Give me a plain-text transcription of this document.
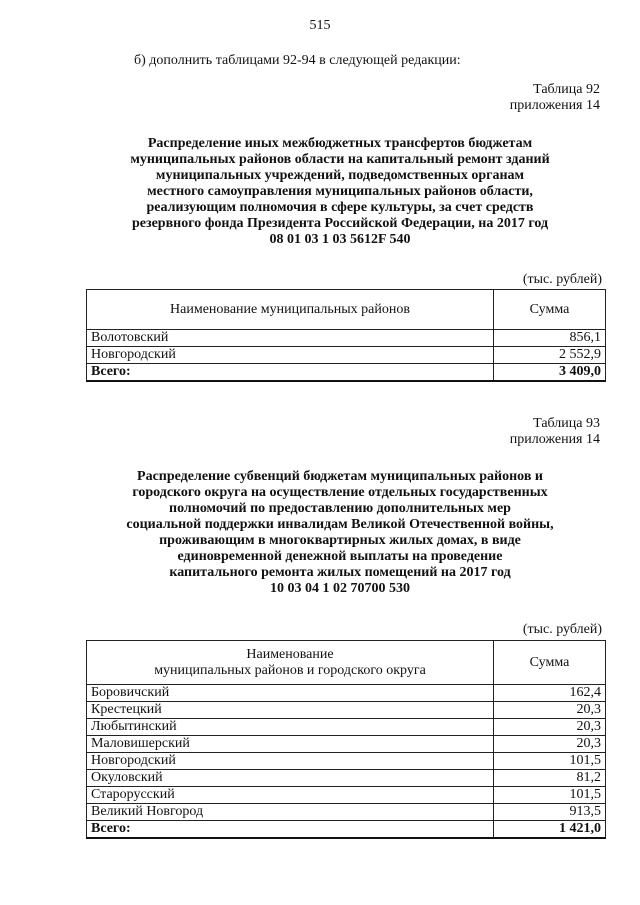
515
б) дополнить таблицами 92-94 в следующей редакции:
Таблица 92
приложения 14
Распределение иных межбюджетных трансфертов бюджетам
муниципальных районов области на капитальный ремонт зданий
муниципальных учреждений, подведомственных органам
местного самоуправления муниципальных районов области,
реализующим полномочия в сфере культуры, за счет средств
резервного фонда Президента Российской Федерации, на 2017 год
08 01 03 1 03 5612F 540
(тыс. рублей)
Наименование муниципальных районов	Сумма
Волотовский	856,1
Новгородский	2 552,9
Всего:	3 409,0
Таблица 93
приложения 14
Распределение субвенций бюджетам муниципальных районов и
городского округа на осуществление отдельных государственных
полномочий по предоставлению дополнительных мер
социальной поддержки инвалидам Великой Отечественной войны,
проживающим в многоквартирных жилых домах, в виде
единовременной денежной выплаты на проведение
капитального ремонта жилых помещений на 2017 год
10 03 04 1 02 70700 530
(тыс. рублей)
Наименование
муниципальных районов и городского округа	Сумма
Боровичский	162,4
Крестецкий	20,3
Любытинский	20,3
Маловишерский	20,3
Новгородский	101,5
Окуловский	81,2
Старорусский	101,5
Великий Новгород	913,5
Всего:	1 421,0
